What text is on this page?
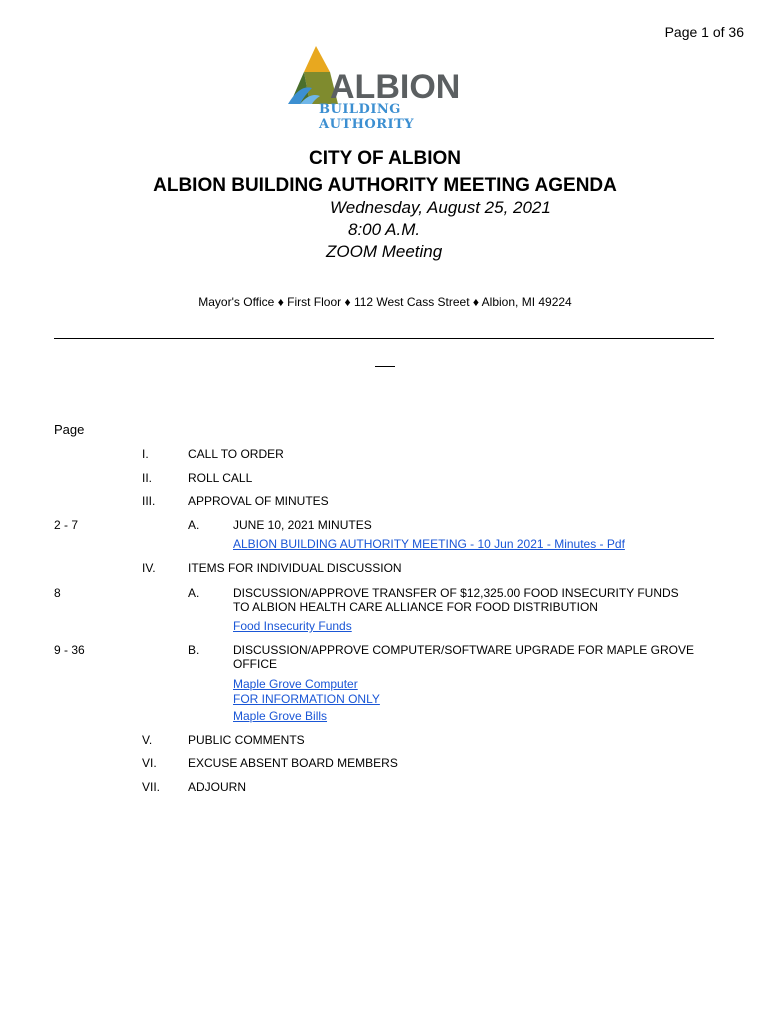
Page 1 of 36
ALBION
BUILDING AUTHORITY
CITY OF ALBION
ALBION BUILDING AUTHORITY MEETING AGENDA
Wednesday, August 25, 2021
8:00 A.M.
ZOOM Meeting
Mayor's Office ♦ First Floor ♦ 112 West Cass Street ♦ Albion, MI 49224
Page
I.	CALL TO ORDER
II.	ROLL CALL
III.	APPROVAL OF MINUTES
2 - 7	A.	JUNE 10, 2021 MINUTES
ALBION BUILDING AUTHORITY MEETING - 10 Jun 2021 - Minutes - Pdf
IV.	ITEMS FOR INDIVIDUAL DISCUSSION
8	A.	DISCUSSION/APPROVE TRANSFER OF $12,325.00 FOOD INSECURITY FUNDS
TO ALBION HEALTH CARE ALLIANCE FOR FOOD DISTRIBUTION
Food Insecurity Funds
9 - 36	B.	DISCUSSION/APPROVE COMPUTER/SOFTWARE UPGRADE FOR MAPLE GROVE
OFFICE
Maple Grove Computer
FOR INFORMATION ONLY
Maple Grove Bills
V.	PUBLIC COMMENTS
VI.	EXCUSE ABSENT BOARD MEMBERS
VII. ADJOURN
